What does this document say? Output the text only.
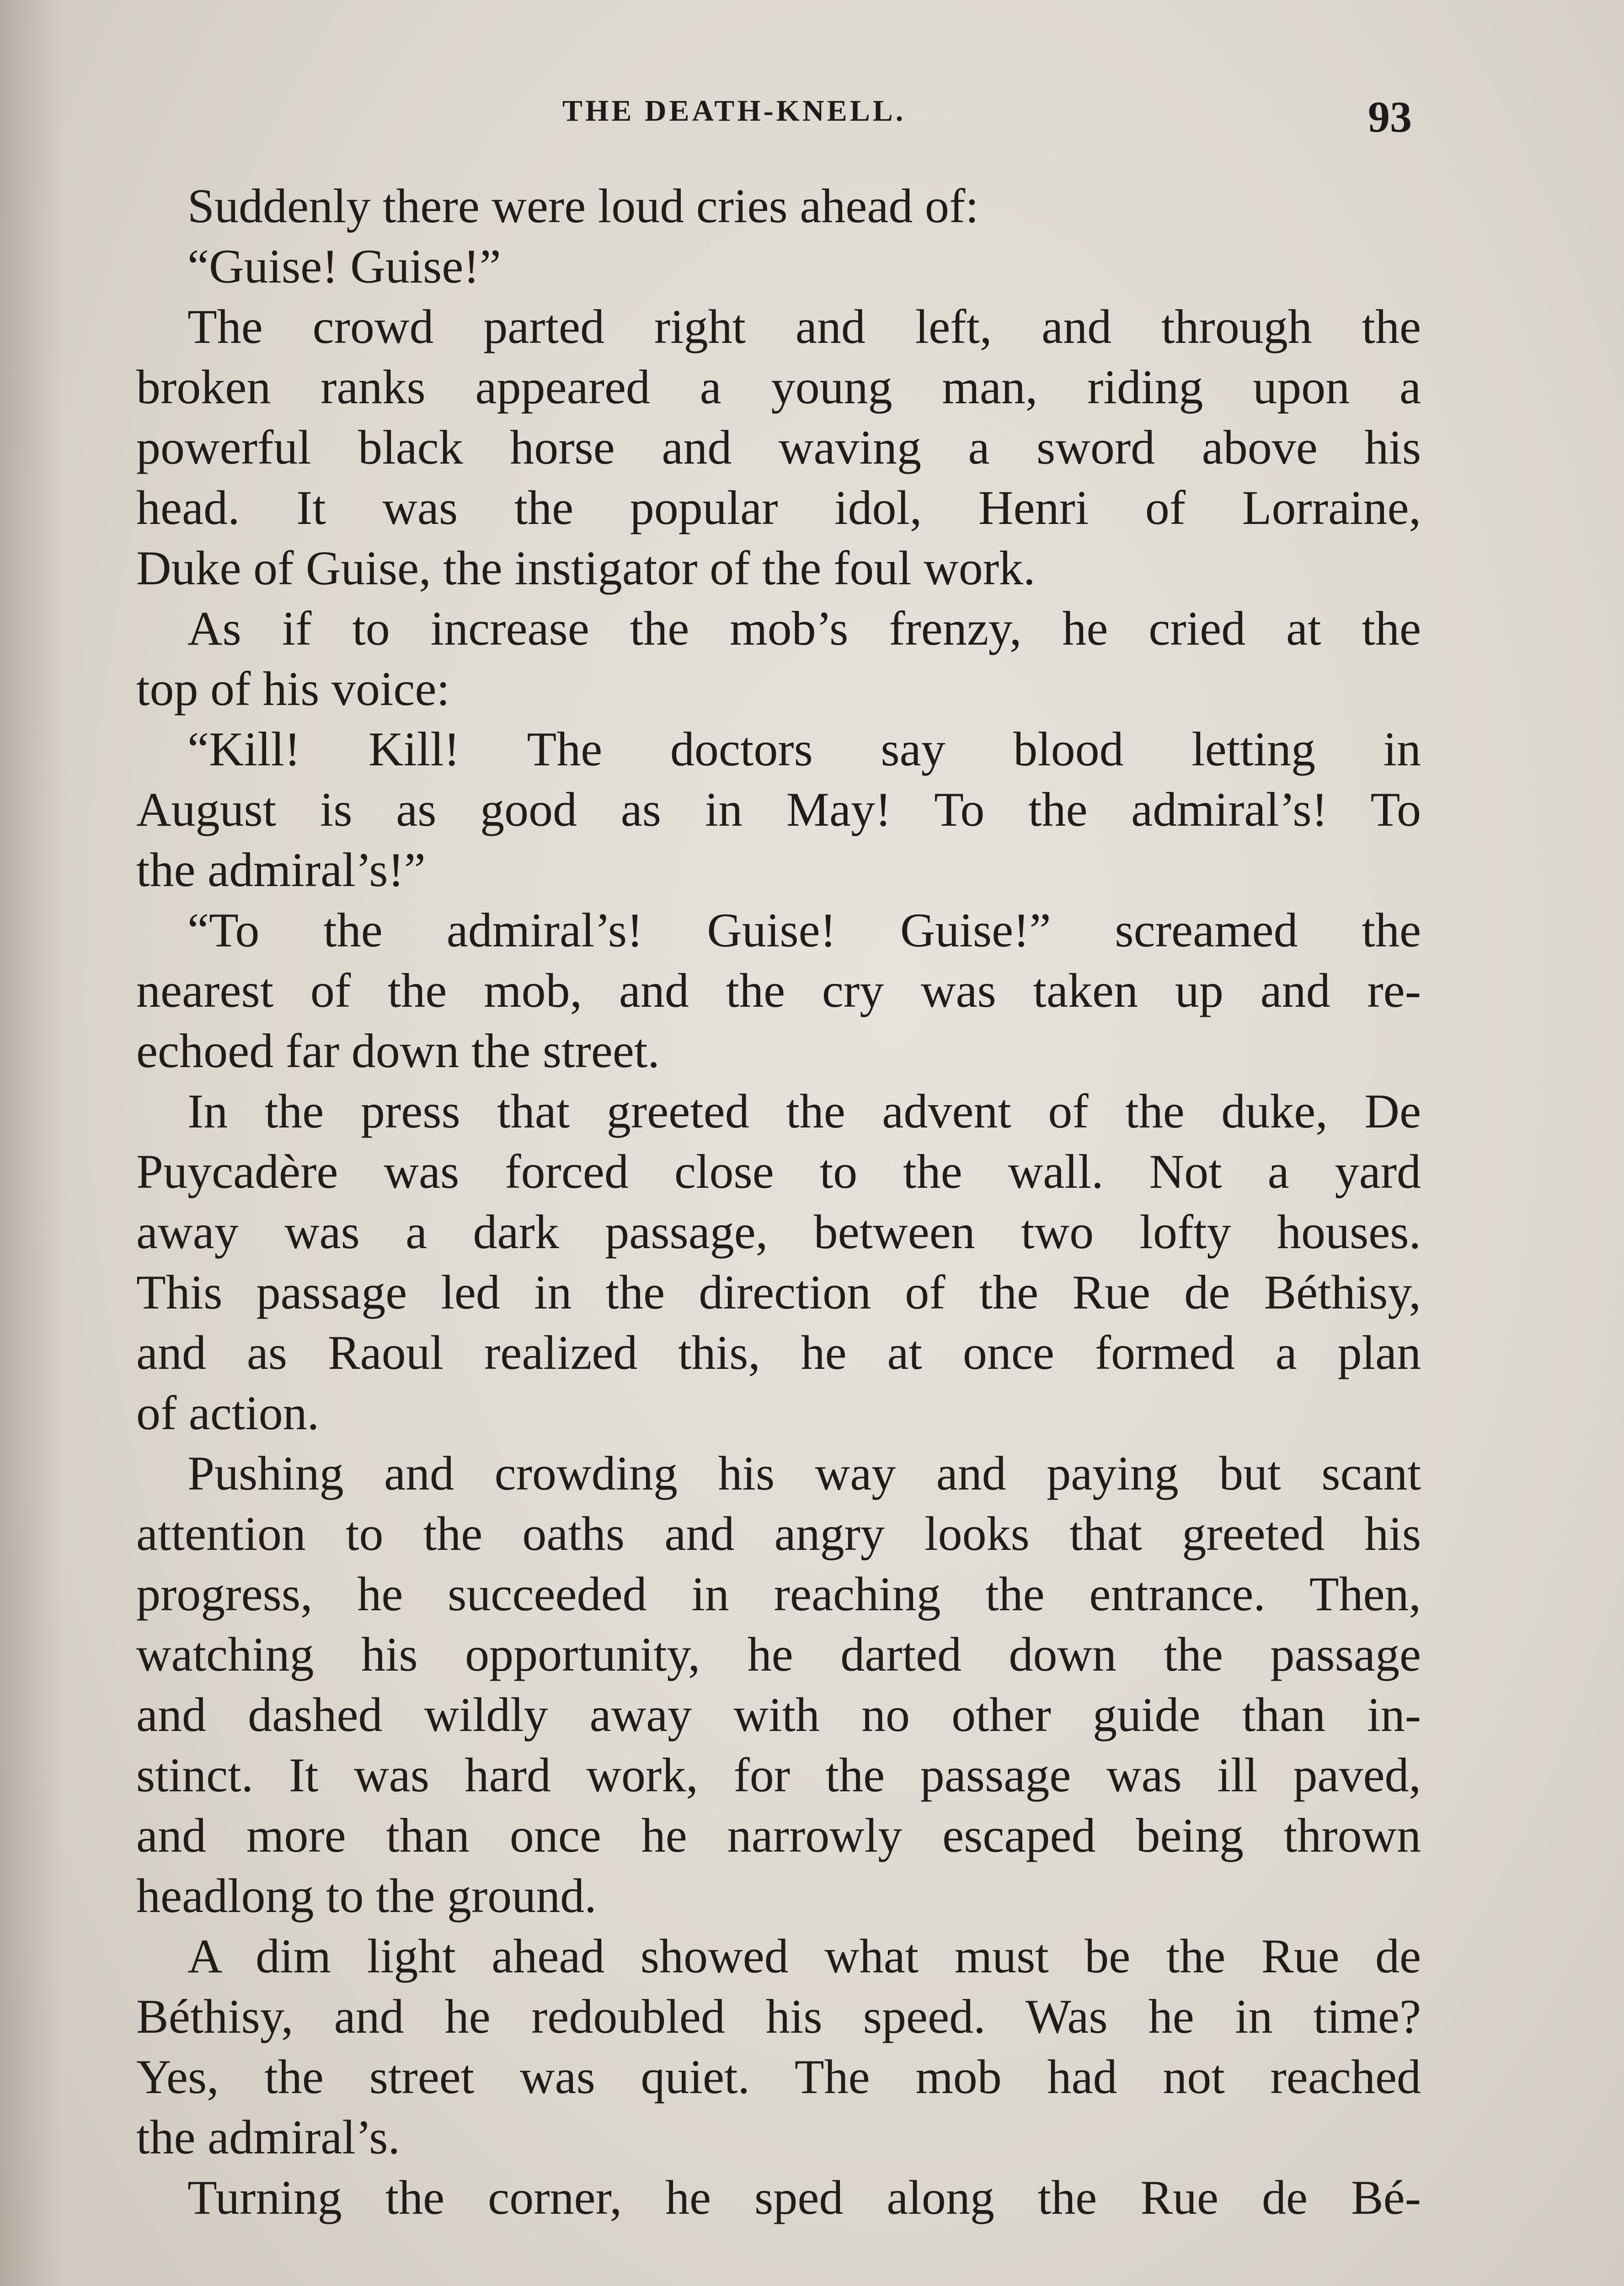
THE DEATH-KNELL.	93
Suddenly there were loud cries ahead of:
“Guise! Guise!”
The crowd parted right and left, and through the
broken ranks appeared a young man, riding upon a
powerful black horse and waving a sword above his
head. It was the popular idol, Henri of Lorraine,
Duke of Guise, the instigator of the foul work.
As if to increase the mob’s frenzy, he cried at the
top of his voice:
“Kill! Kill! The doctors say blood letting in
August is as good as in May! To the admiral’s! To
the admiral’s!”
“To the admiral’s! Guise! Guise!” screamed the
nearest of the mob, and the cry was taken up and re-
echoed far down the street.
In the press that greeted the advent of the duke, De
Puycadère was forced close to the wall. Not a yard
away was a dark passage, between two lofty houses.
This passage led in the direction of the Rue de Béthisy,
and as Raoul realized this, he at once formed a plan
of action.
Pushing and crowding his way and paying but scant
attention to the oaths and angry looks that greeted his
progress, he succeeded in reaching the entrance. Then,
watching his opportunity, he darted down the passage
and dashed wildly away with no other guide than in-
stinct. It was hard work, for the passage was ill paved,
and more than once he narrowly escaped being thrown
headlong to the ground.
A dim light ahead showed what must be the Rue de
Béthisy, and he redoubled his speed. Was he in time?
Yes, the street was quiet. The mob had not reached
the admiral’s.
Turning the corner, he sped along the Rue de Bé-
